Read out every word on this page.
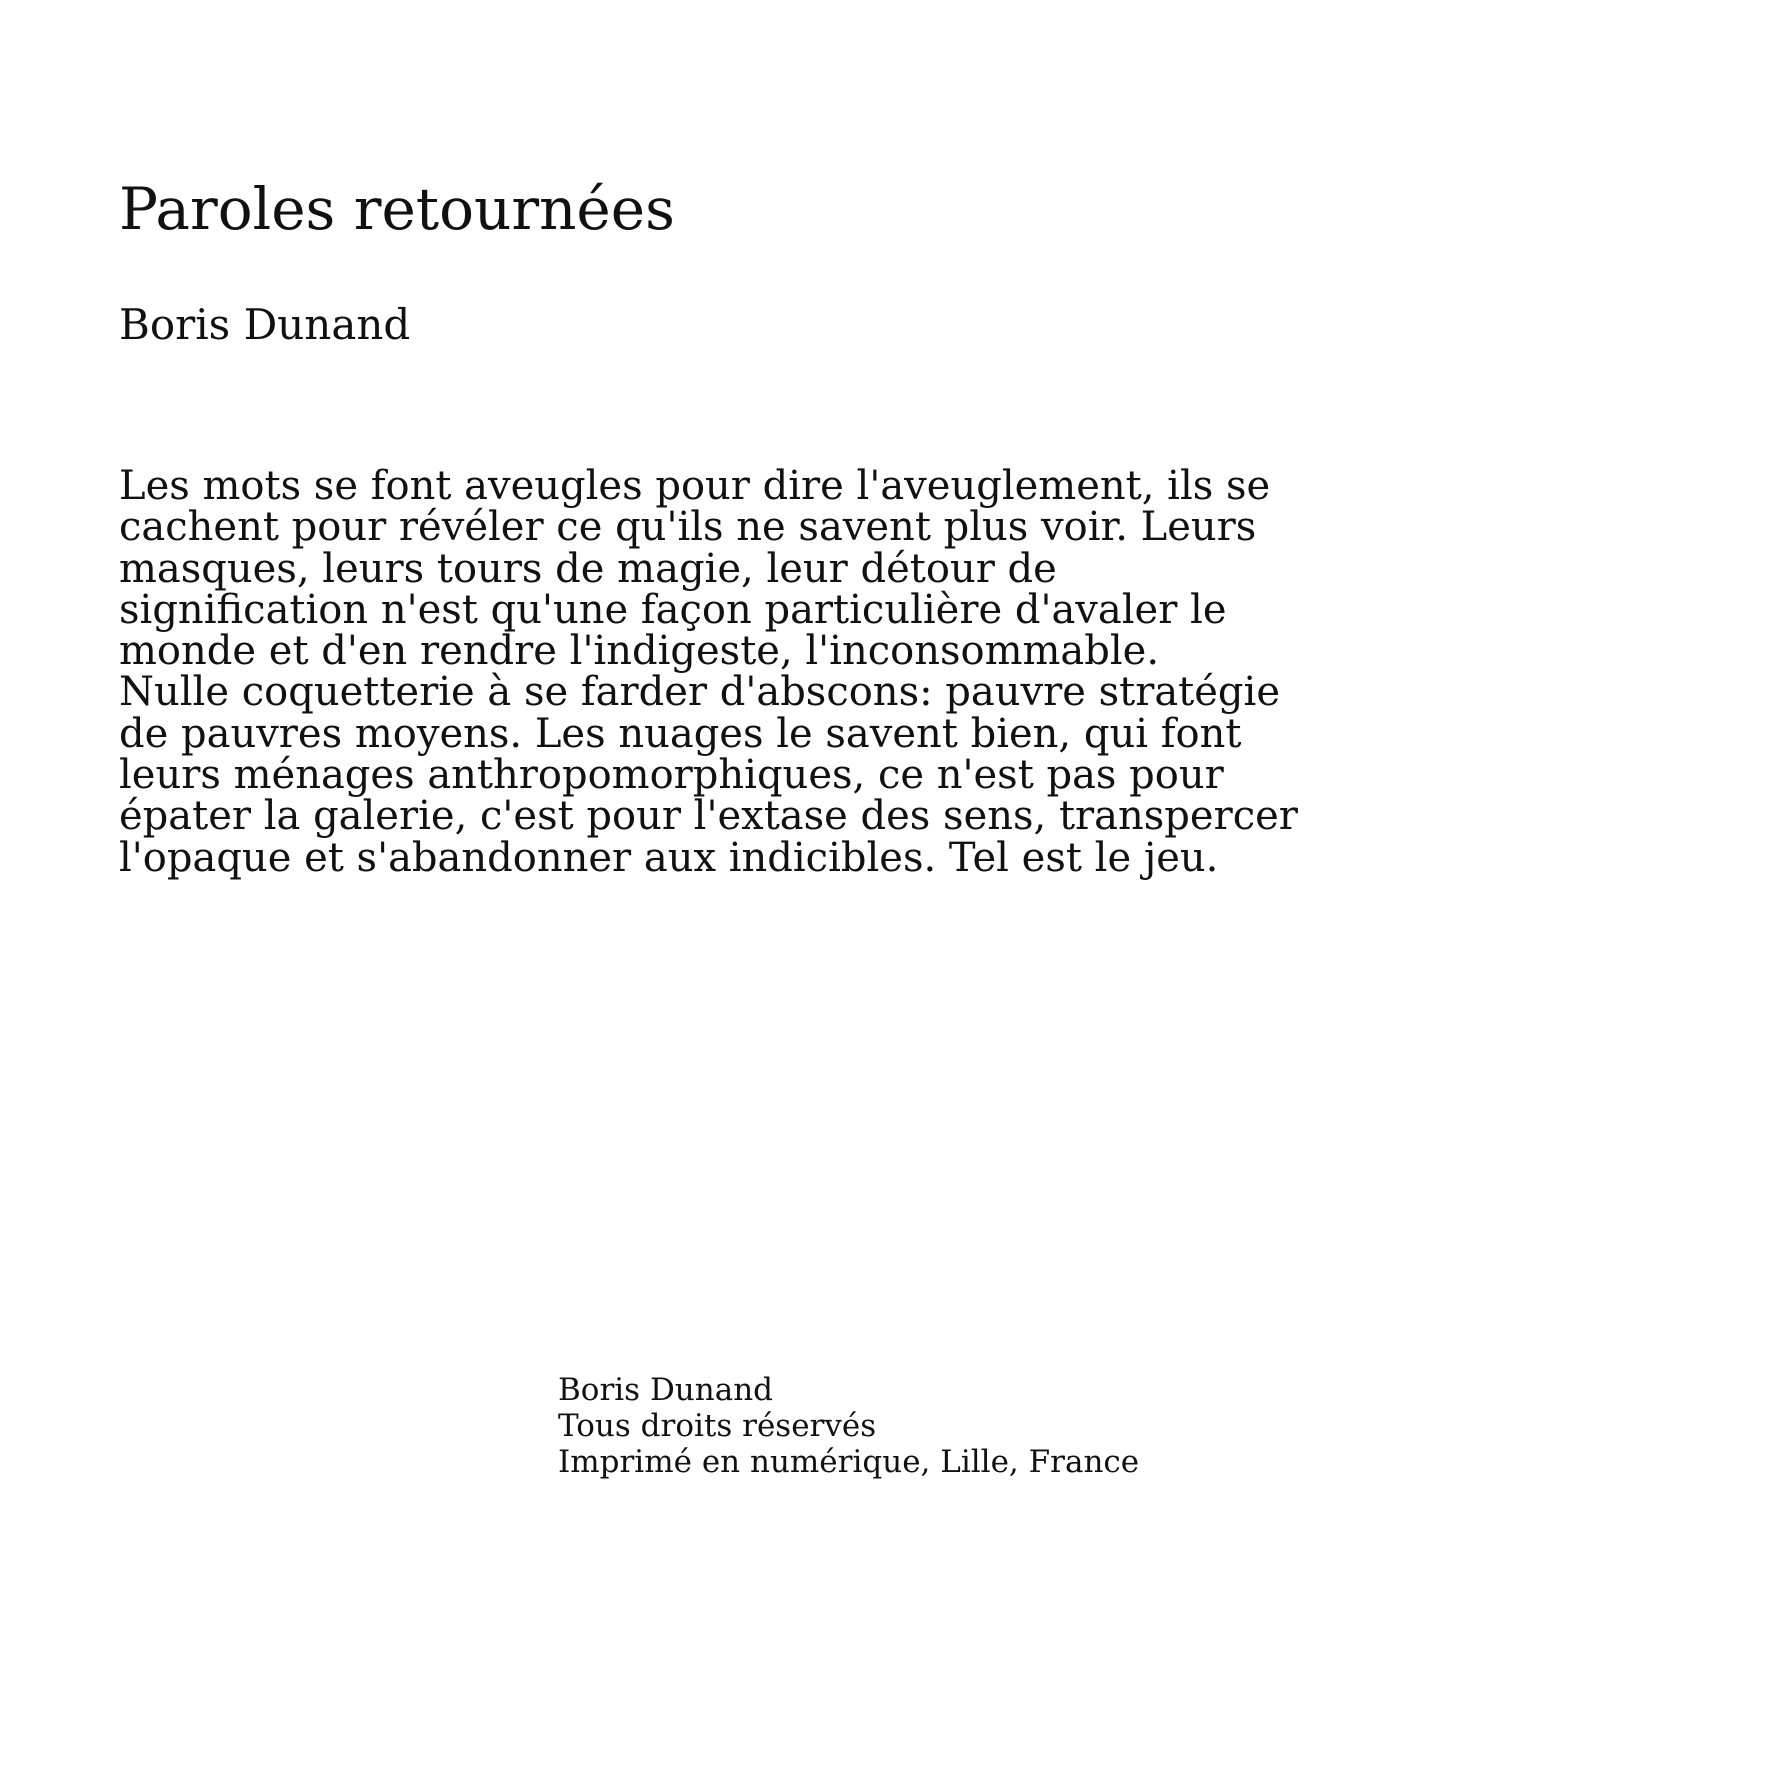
Paroles retournées
Boris Dunand
Les mots se font aveugles pour dire l'aveuglement, ils se
cachent pour révéler ce qu'ils ne savent plus voir. Leurs
masques, leurs tours de magie, leur détour de
signification n'est qu'une façon particulière d'avaler le
monde et d'en rendre l'indigeste, l'inconsommable.
Nulle coquetterie à se farder d'abscons: pauvre stratégie
de pauvres moyens. Les nuages le savent bien, qui font
leurs ménages anthropomorphiques, ce n'est pas pour
épater la galerie, c'est pour l'extase des sens, transpercer
l'opaque et s'abandonner aux indicibles. Tel est le jeu.
Boris Dunand
Tous droits réservés
Imprimé en numérique, Lille, France
